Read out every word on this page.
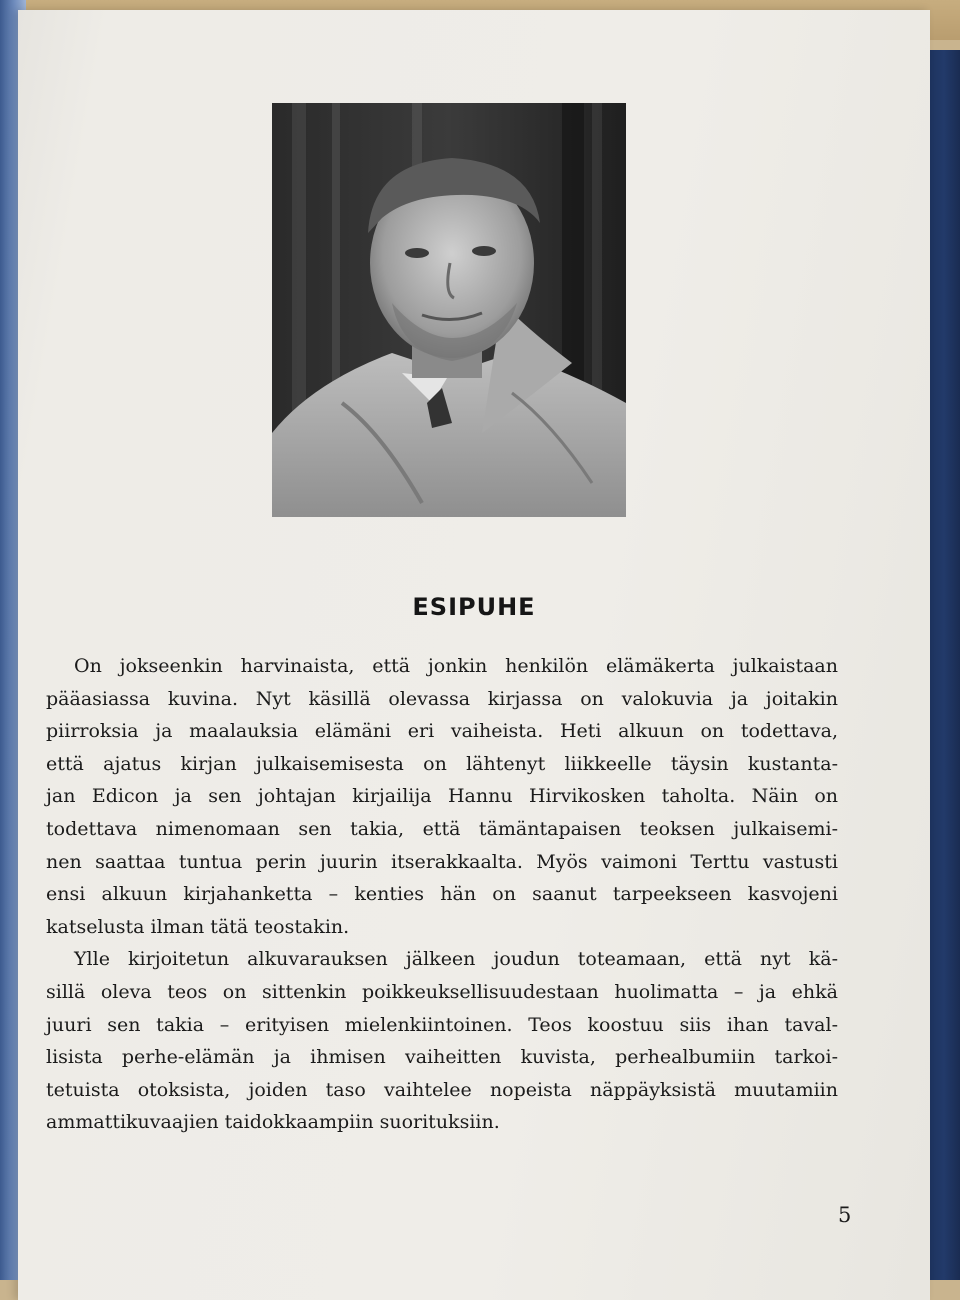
ESIPUHE
On jokseenkin harvinaista, että jonkin henkilön elämäkerta julkaistaan
pääasiassa kuvina. Nyt käsillä olevassa kirjassa on valokuvia ja joitakin
piirroksia ja maalauksia elämäni eri vaiheista. Heti alkuun on todettava,
että ajatus kirjan julkaisemisesta on lähtenyt liikkeelle täysin kustanta-
jan Edicon ja sen johtajan kirjailija Hannu Hirvikosken taholta. Näin on
todettava nimenomaan sen takia, että tämäntapaisen teoksen julkaisemi-
nen saattaa tuntua perin juurin itserakkaalta. Myös vaimoni Terttu vastusti
ensi alkuun kirjahanketta – kenties hän on saanut tarpeekseen kasvojeni
katselusta ilman tätä teostakin.
Ylle kirjoitetun alkuvarauksen jälkeen joudun toteamaan, että nyt kä-
sillä oleva teos on sittenkin poikkeuksellisuudestaan huolimatta – ja ehkä
juuri sen takia – erityisen mielenkiintoinen. Teos koostuu siis ihan taval-
lisista perhe-elämän ja ihmisen vaiheitten kuvista, perhealbumiin tarkoi-
tetuista otoksista, joiden taso vaihtelee nopeista näppäyksistä muutamiin
ammattikuvaajien taidokkaampiin suorituksiin.
5
